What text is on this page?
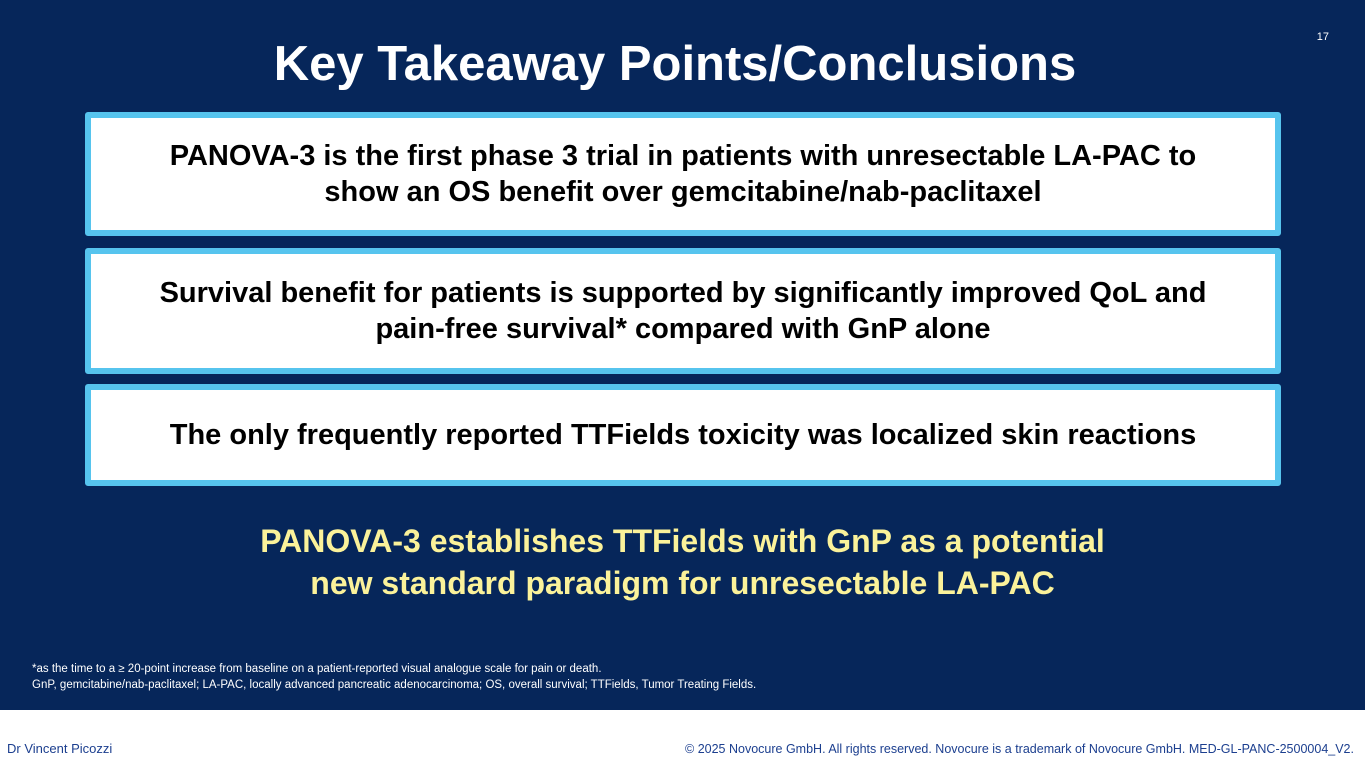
17
Key Takeaway Points/Conclusions
PANOVA-3 is the first phase 3 trial in patients with unresectable LA-PAC to
show an OS benefit over gemcitabine/nab-paclitaxel
Survival benefit for patients is supported by significantly improved QoL and
pain-free survival* compared with GnP alone
The only frequently reported TTFields toxicity was localized skin reactions
PANOVA-3 establishes TTFields with GnP as a potential
new standard paradigm for unresectable LA-PAC
*as the time to a ≥ 20-point increase from baseline on a patient-reported visual analogue scale for pain or death.
GnP, gemcitabine/nab-paclitaxel; LA-PAC, locally advanced pancreatic adenocarcinoma; OS, overall survival; TTFields, Tumor Treating Fields.
Dr Vincent Picozzi	© 2025 Novocure GmbH. All rights reserved. Novocure is a trademark of Novocure GmbH. MED-GL-PANC-2500004_V2.
